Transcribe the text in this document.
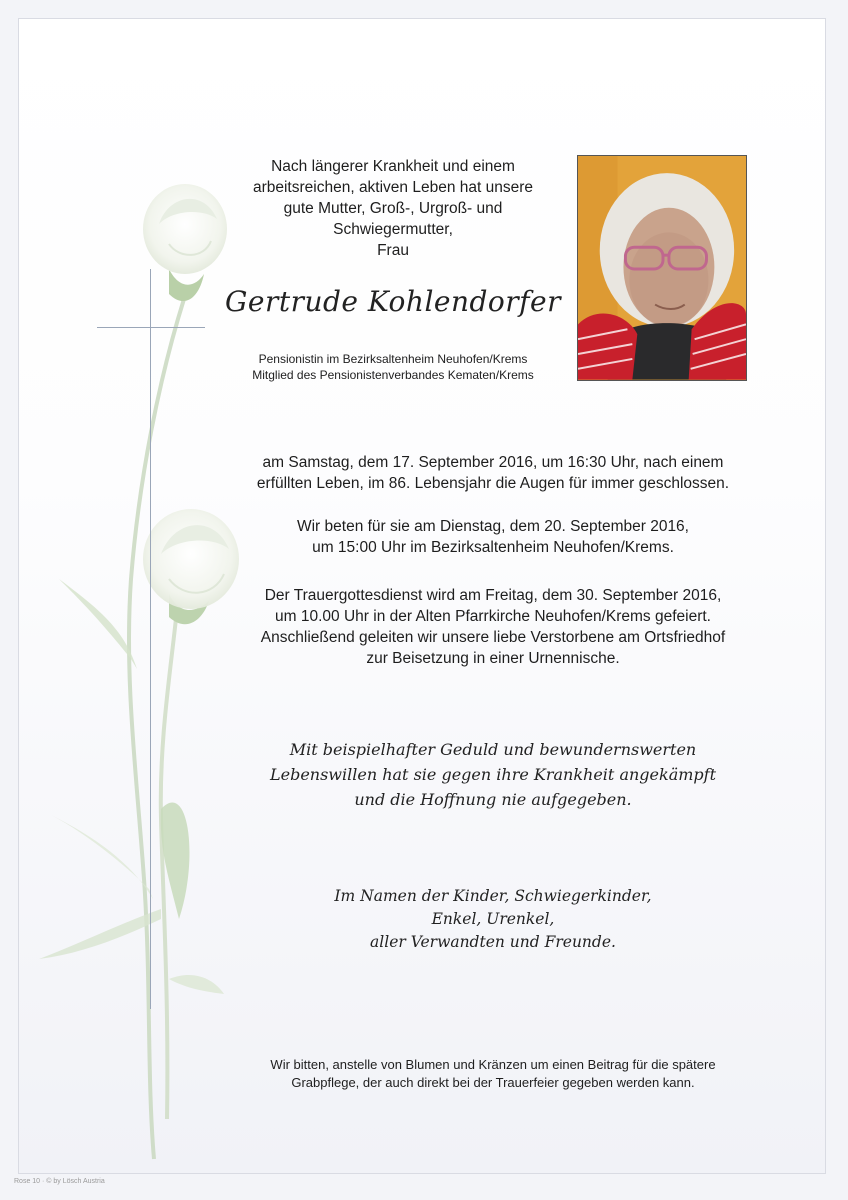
Nach längerer Krankheit und einem
arbeitsreichen, aktiven Leben hat unsere
gute Mutter, Groß-, Urgroß- und
Schwiegermutter,
Frau
Gertrude Kohlendorfer
Pensionistin im Bezirksaltenheim Neuhofen/Krems
Mitglied des Pensionistenverbandes Kematen/Krems
am Samstag, dem 17. September 2016, um 16:30 Uhr, nach einem
erfüllten Leben, im 86. Lebensjahr die Augen für immer geschlossen.
Wir beten für sie am Dienstag, dem 20. September 2016,
um 15:00 Uhr im Bezirksaltenheim Neuhofen/Krems.
Der Trauergottesdienst wird am Freitag, dem 30. September 2016,
um 10.00 Uhr in der Alten Pfarrkirche Neuhofen/Krems gefeiert.
Anschließend geleiten wir unsere liebe Verstorbene am Ortsfriedhof
zur Beisetzung in einer Urnennische.
Mit beispielhafter Geduld und bewundernswerten
Lebenswillen hat sie gegen ihre Krankheit angekämpft
und die Hoffnung nie aufgegeben.
Im Namen der Kinder, Schwiegerkinder,
Enkel, Urenkel,
aller Verwandten und Freunde.
Wir bitten, anstelle von Blumen und Kränzen um einen Beitrag für die spätere
Grabpflege, der auch direkt bei der Trauerfeier gegeben werden kann.
Rose 10 · © by Lösch Austria
